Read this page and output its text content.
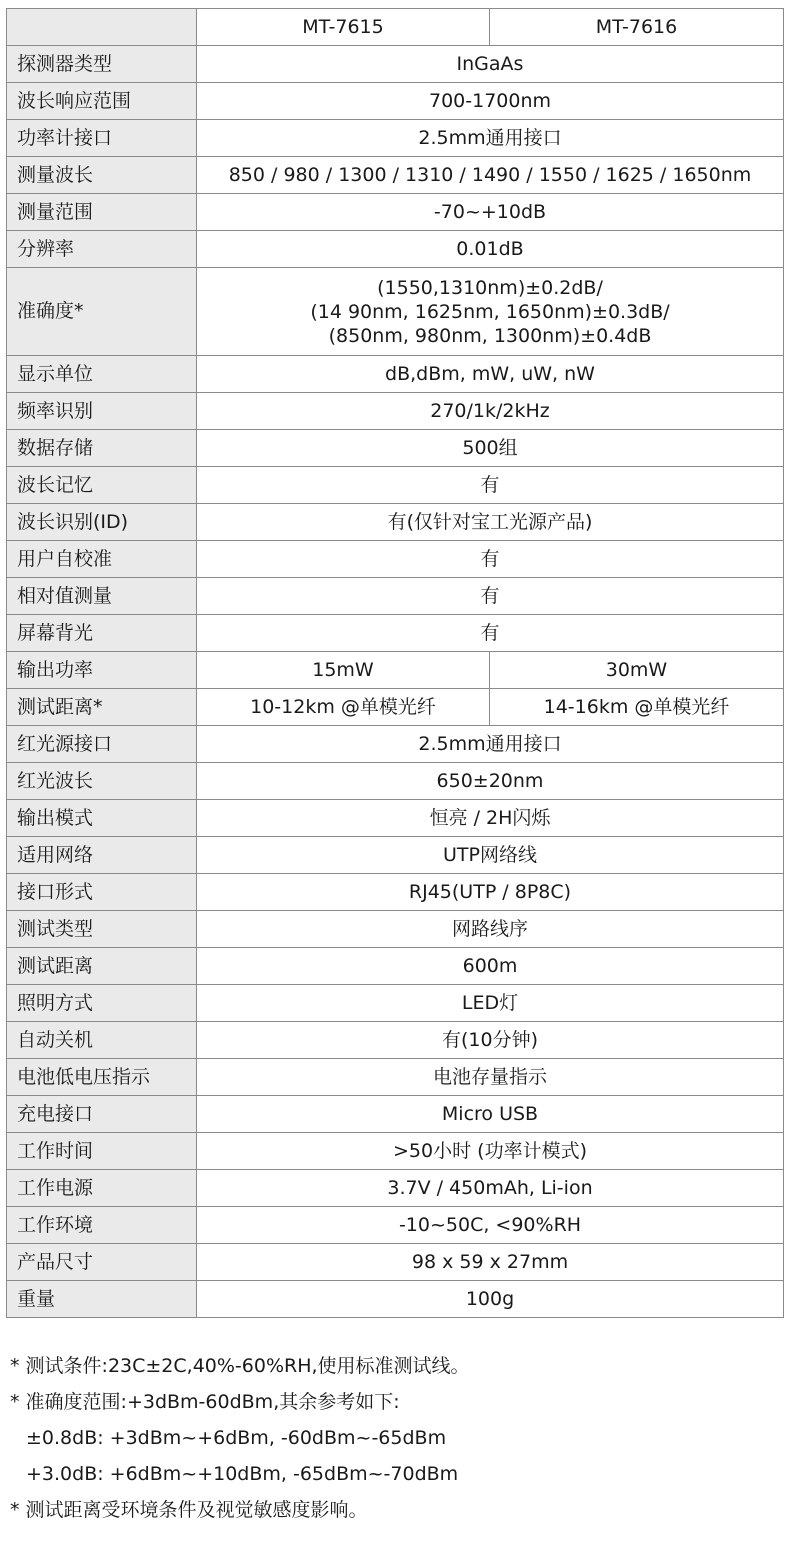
	MT-7615	MT-7616
探测器类型	InGaAs	
波长响应范围	700-1700nm	
功率计接口	2.5mm通用接口	
测量波长	850 / 980 / 1300 / 1310 / 1490 / 1550 / 1625 / 1650nm	
测量范围	-70~+10dB	
分辨率	0.01dB	
准确度*	(1550,1310nm)±0.2dB/
(14 90nm, 1625nm, 1650nm)±0.3dB/
(850nm, 980nm, 1300nm)±0.4dB	

显示单位	dB,dBm, mW, uW, nW	
频率识别	270/1k/2kHz	
数据存储	500组	
波长记忆	有	
波长识别(ID)	有(仅针对宝工光源产品)	
用户自校准	有	
相对值测量	有	
屏幕背光	有	
输出功率	15mW	30mW
测试距离*	10-12km @单模光纤	14-16km @单模光纤
红光源接口	2.5mm通用接口	
红光波长	650±20nm	
输出模式	恒亮 / 2H闪烁	
适用网络	UTP网络线	
接口形式	RJ45(UTP / 8P8C)	
测试类型	网路线序	
测试距离	600m	
照明方式	LED灯	
自动关机	有(10分钟)	
电池低电压指示	电池存量指示	
充电接口	Micro USB	
工作时间	>50小时 (功率计模式)	
工作电源	3.7V / 450mAh, Li-ion	
工作环境	-10~50C, <90%RH	
产品尺寸	98 x 59 x 27mm	
重量	100g	
* 测试条件:23C±2C,40%-60%RH,使用标准测试线。
* 准确度范围:+3dBm-60dBm,其余参考如下:
±0.8dB: +3dBm~+6dBm, -60dBm~-65dBm
+3.0dB: +6dBm~+10dBm, -65dBm~-70dBm
* 测试距离受环境条件及视觉敏感度影响。
